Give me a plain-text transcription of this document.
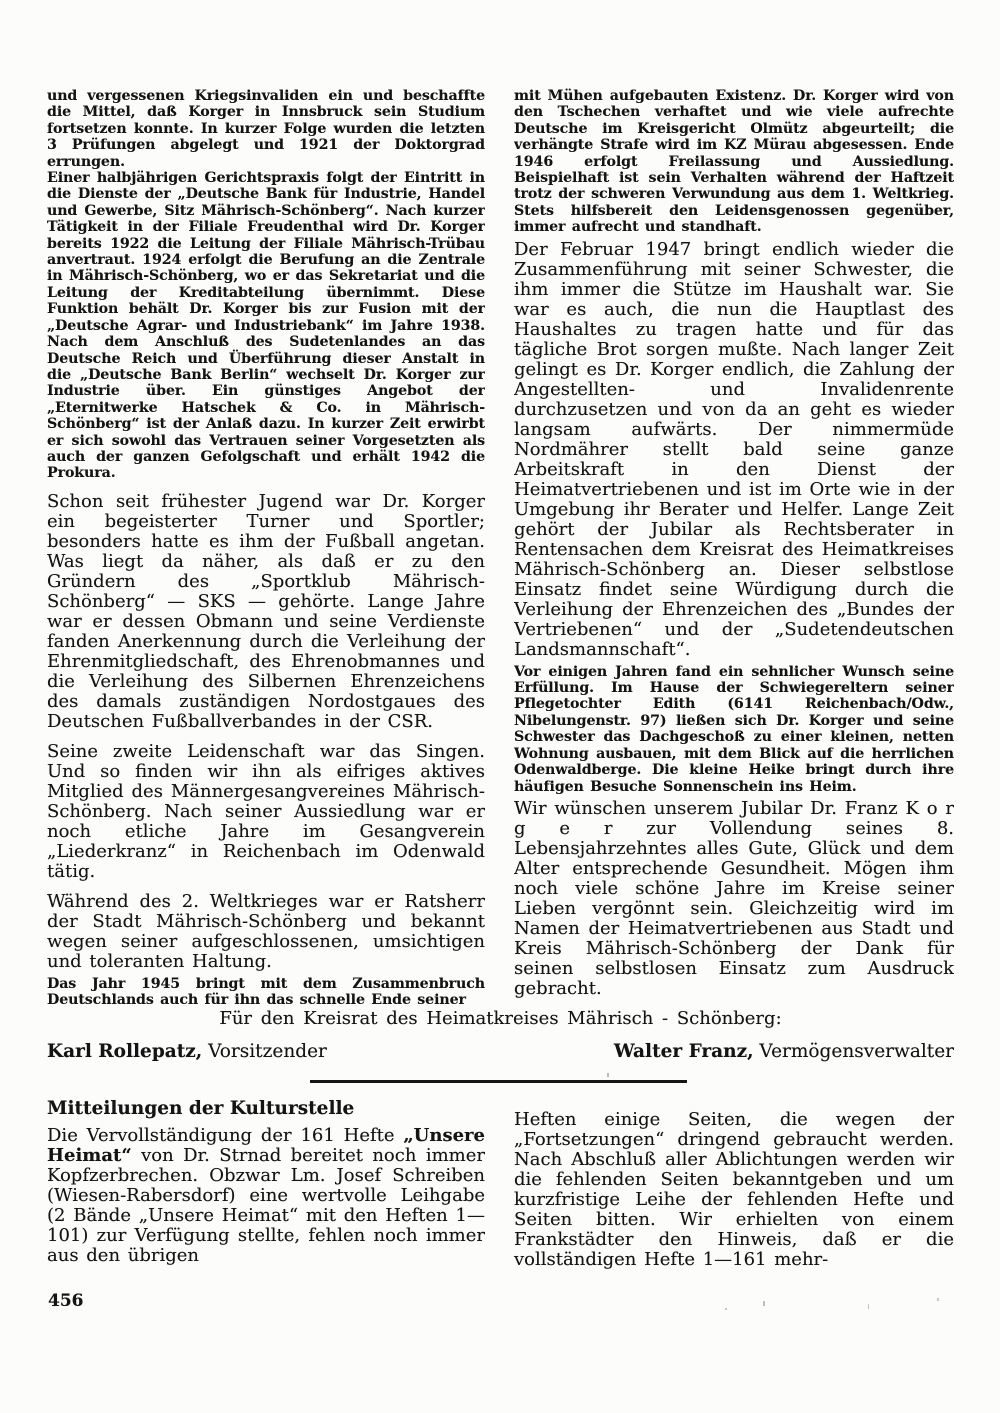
und vergessenen Kriegsinvaliden ein und beschaffte die Mittel, daß Korger in Innsbruck sein Studium fortsetzen konnte. In kurzer Folge wurden die letzten 3 Prüfungen abgelegt und 1921 der Doktorgrad errungen.

Einer halbjährigen Gerichtspraxis folgt der Eintritt in die Dienste der „Deutsche Bank für Industrie, Handel und Gewerbe, Sitz Mährisch-Schönberg“. Nach kurzer Tätigkeit in der Filiale Freudenthal wird Dr. Korger bereits 1922 die Leitung der Filiale Mährisch-Trübau anvertraut. 1924 erfolgt die Berufung an die Zentrale in Mährisch-Schönberg, wo er das Sekretariat und die Leitung der Kreditabteilung übernimmt. Diese Funktion behält Dr. Korger bis zur Fusion mit der „Deutsche Agrar- und Industriebank“ im Jahre 1938. Nach dem Anschluß des Sudetenlandes an das Deutsche Reich und Überführung dieser Anstalt in die „Deutsche Bank Berlin“ wechselt Dr. Korger zur Industrie über. Ein günstiges Angebot der „Eternitwerke Hatschek & Co. in Mährisch-Schönberg“ ist der Anlaß dazu. In kurzer Zeit erwirbt er sich sowohl das Vertrauen seiner Vorgesetzten als auch der ganzen Gefolgschaft und erhält 1942 die Prokura.

Schon seit frühester Jugend war Dr. Korger ein begeisterter Turner und Sportler; besonders hatte es ihm der Fußball angetan. Was liegt da näher, als daß er zu den Gründern des „Sportklub Mährisch-Schönberg“ — SKS — gehörte. Lange Jahre war er dessen Obmann und seine Verdienste fanden Anerkennung durch die Verleihung der Ehrenmitgliedschaft, des Ehrenobmannes und die Verleihung des Silbernen Ehrenzeichens des damals zuständigen Nordostgaues des Deutschen Fußballverbandes in der CSR.

Seine zweite Leidenschaft war das Singen. Und so finden wir ihn als eifriges aktives Mitglied des Männergesangvereines Mährisch-Schönberg. Nach seiner Aussiedlung war er noch etliche Jahre im Gesangverein „Liederkranz“ in Reichenbach im Odenwald tätig.

Während des 2. Weltkrieges war er Ratsherr der Stadt Mährisch-Schönberg und bekannt wegen seiner aufgeschlossenen, umsichtigen und toleranten Haltung.

Das Jahr 1945 bringt mit dem Zusammenbruch Deutschlands auch für ihn das schnelle Ende seiner

mit Mühen aufgebauten Existenz. Dr. Korger wird von den Tschechen verhaftet und wie viele aufrechte Deutsche im Kreisgericht Olmütz abgeurteilt; die verhängte Strafe wird im KZ Mürau abgesessen. Ende 1946 erfolgt Freilassung und Aussiedlung. Beispielhaft ist sein Verhalten während der Haftzeit trotz der schweren Verwundung aus dem 1. Weltkrieg. Stets hilfsbereit den Leidensgenossen gegenüber, immer aufrecht und standhaft.

Der Februar 1947 bringt endlich wieder die Zusammenführung mit seiner Schwester, die ihm immer die Stütze im Haushalt war. Sie war es auch, die nun die Hauptlast des Haushaltes zu tragen hatte und für das tägliche Brot sorgen mußte. Nach langer Zeit gelingt es Dr. Korger endlich, die Zahlung der Angestellten- und Invalidenrente durchzusetzen und von da an geht es wieder langsam aufwärts. Der nimmermüde Nordmährer stellt bald seine ganze Arbeitskraft in den Dienst der Heimatvertriebenen und ist im Orte wie in der Umgebung ihr Berater und Helfer. Lange Zeit gehört der Jubilar als Rechtsberater in Rentensachen dem Kreisrat des Heimatkreises Mährisch-Schönberg an. Dieser selbstlose Einsatz findet seine Würdigung durch die Verleihung der Ehrenzeichen des „Bundes der Vertriebenen“ und der „Sudetendeutschen Landsmannschaft“.

Vor einigen Jahren fand ein sehnlicher Wunsch seine Erfüllung. Im Hause der Schwiegereltern seiner Pflegetochter Edith (6141 Reichenbach/Odw., Nibelungenstr. 97) ließen sich Dr. Korger und seine Schwester das Dachgeschoß zu einer kleinen, netten Wohnung ausbauen, mit dem Blick auf die herrlichen Odenwaldberge. Die kleine Heike bringt durch ihre häufigen Besuche Sonnenschein ins Heim.

Wir wünschen unserem Jubilar Dr. Franz K o r g e r zur Vollendung seines 8. Lebensjahrzehntes alles Gute, Glück und dem Alter entsprechende Gesundheit. Mögen ihm noch viele schöne Jahre im Kreise seiner Lieben vergönnt sein. Gleichzeitig wird im Namen der Heimatvertriebenen aus Stadt und Kreis Mährisch-Schönberg der Dank für seinen selbstlosen Einsatz zum Ausdruck gebracht.

Für den Kreisrat des Heimatkreises Mährisch - Schönberg:
Karl Rollepatz, Vorsitzender	Walter Franz, Vermögensverwalter
Mitteilungen der Kulturstelle

Die Vervollständigung der 161 Hefte „Unsere Heimat“ von Dr. Strnad bereitet noch immer Kopfzerbrechen. Obzwar Lm. Josef Schreiben (Wiesen-Rabersdorf) eine wertvolle Leihgabe (2 Bände „Unsere Heimat“ mit den Heften 1—101) zur Verfügung stellte, fehlen noch immer aus den übrigen

Heften einige Seiten, die wegen der „Fortsetzungen“ dringend gebraucht werden. Nach Abschluß aller Ablichtungen werden wir die fehlenden Seiten bekanntgeben und um kurzfristige Leihe der fehlenden Hefte und Seiten bitten. Wir erhielten von einem Frankstädter den Hinweis, daß er die vollständigen Hefte 1—161 mehr-

456
